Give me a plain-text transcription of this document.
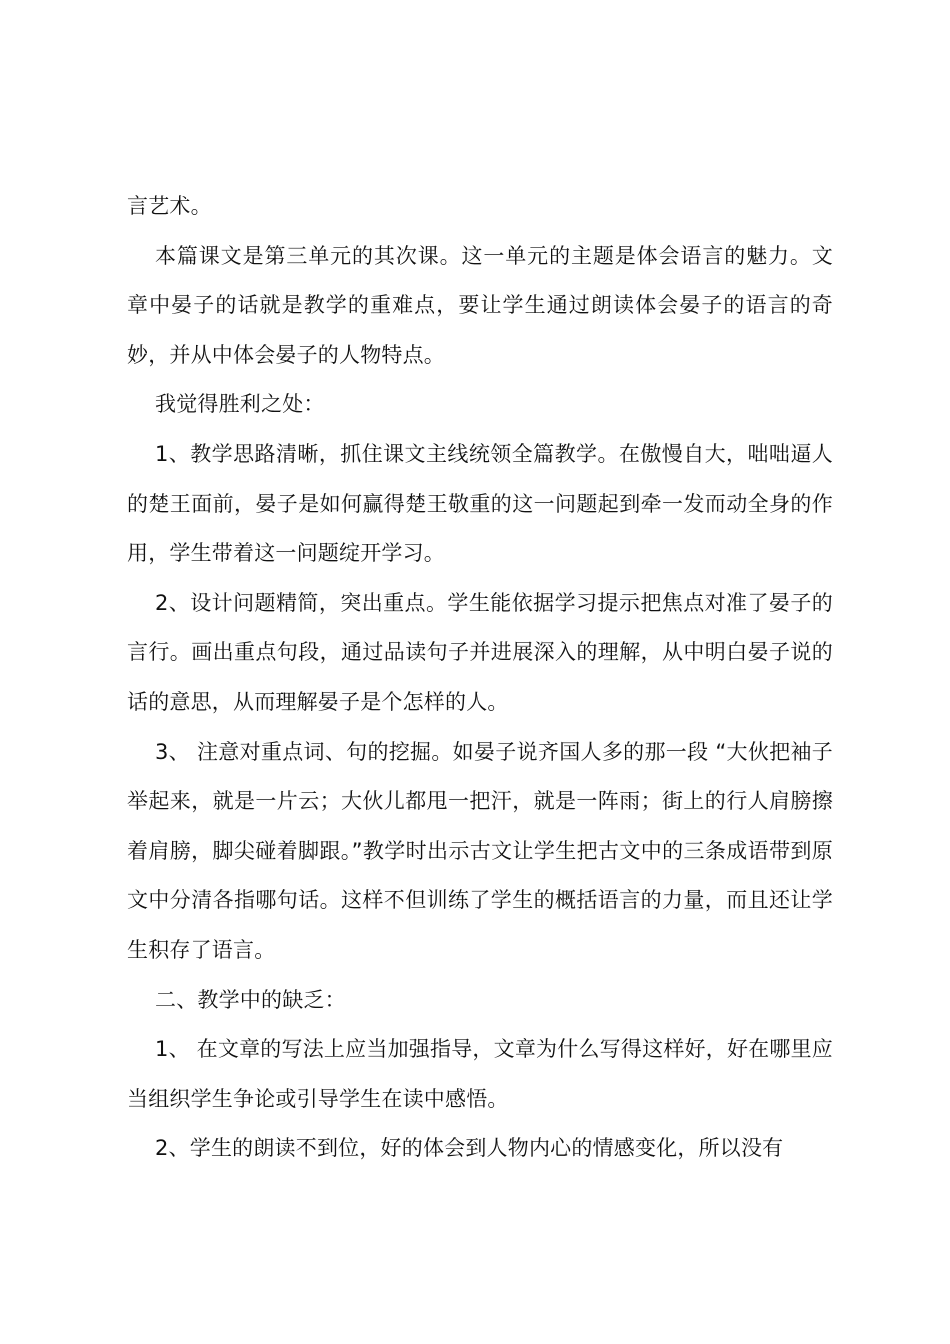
言艺术。

本篇课文是第三单元的其次课。这一单元的主题是体会语言的魅力。文章中晏子的话就是教学的重难点，要让学生通过朗读体会晏子的语言的奇妙，并从中体会晏子的人物特点。

我觉得胜利之处：

1、教学思路清晰，抓住课文主线统领全篇教学。在傲慢自大，咄咄逼人的楚王面前，晏子是如何赢得楚王敬重的这一问题起到牵一发而动全身的作用，学生带着这一问题绽开学习。

2、设计问题精简，突出重点。学生能依据学习提示把焦点对准了晏子的言行。画出重点句段，通过品读句子并进展深入的理解，从中明白晏子说的话的意思，从而理解晏子是个怎样的人。

3、 注意对重点词、句的挖掘。如晏子说齐国人多的那一段 “大伙把袖子举起来，就是一片云；大伙儿都甩一把汗，就是一阵雨；街上的行人肩膀擦着肩膀，脚尖碰着脚跟。”教学时出示古文让学生把古文中的三条成语带到原文中分清各指哪句话。这样不但训练了学生的概括语言的力量，而且还让学生积存了语言。

二、教学中的缺乏：

1、 在文章的写法上应当加强指导，文章为什么写得这样好，好在哪里应当组织学生争论或引导学生在读中感悟。

2、学生的朗读不到位，好的体会到人物内心的情感变化，所以没有
